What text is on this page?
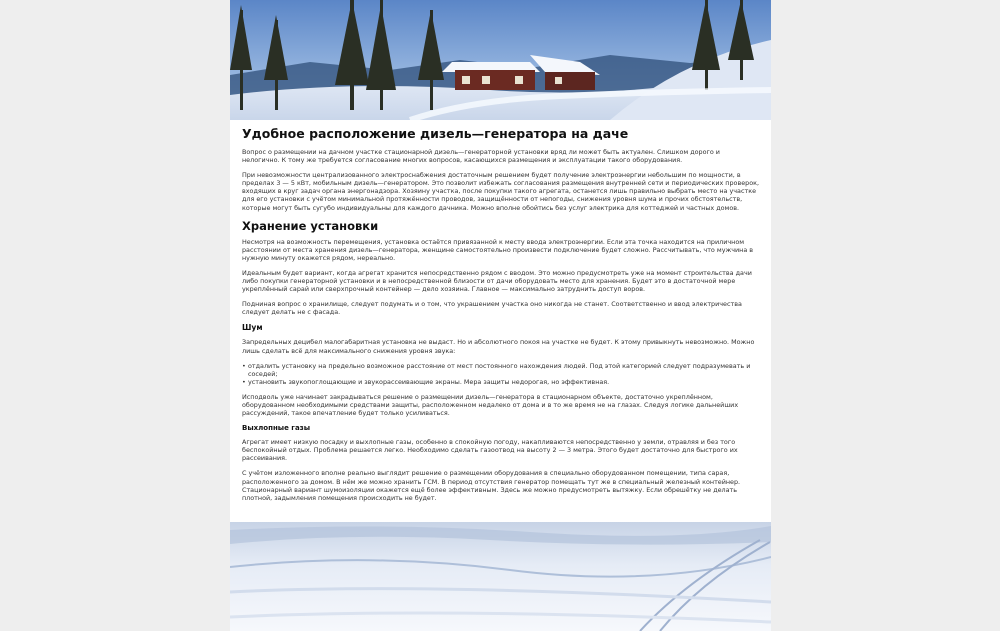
Удобное расположение дизель—генератора на даче

Вопрос о размещении на дачном участке стационарной дизель—генераторной установки вряд ли может быть актуален. Слишком дорого и нелогично. К тому же требуется согласование многих вопросов, касающихся размещения и эксплуатации такого оборудования.

При невозможности централизованного электроснабжения достаточным решением будет получение электроэнергии небольшим по мощности, в пределах 3 — 5 кВт, мобильным дизель—генератором. Это позволит избежать согласования размещения внутренней сети и периодических проверок, входящих в круг задач органа энергонадзора. Хозяину участка, после покупки такого агрегата, останется лишь правильно выбрать место на участке для его установки с учётом минимальной протяжённости проводов, защищённости от непогоды, снижения уровня шума и прочих обстоятельств, которые могут быть сугубо индивидуальны для каждого дачника. Можно вполне обойтись без услуг электрика для коттеджей и частных домов.

Хранение установки

Несмотря на возможность перемещения, установка остаётся привязанной к месту ввода электроэнергии. Если эта точка находится на приличном расстоянии от места хранения дизель—генератора, женщине самостоятельно произвести подключение будет сложно. Рассчитывать, что мужчина в нужную минуту окажется рядом, нереально.

Идеальным будет вариант, когда агрегат хранится непосредственно рядом с вводом. Это можно предусмотреть уже на момент строительства дачи либо покупки генераторной установки и в непосредственной близости от дачи оборудовать место для хранения. Будет это в достаточной мере укреплённый сарай или сверхпрочный контейнер — дело хозяина. Главное — максимально затруднить доступ воров.

Подниная вопрос о хранилище, следует подумать и о том, что украшением участка оно никогда не станет. Соответственно и ввод электричества следует делать не с фасада.

Шум

Запредельных децибел малогабаритная установка не выдаст. Но и абсолютного покоя на участке не будет. К этому привыкнуть невозможно. Можно лишь сделать всё для максимального снижения уровня звука:

• отдалить установку на предельно возможное расстояние от мест постоянного нахождения людей. Под этой категорией следует подразумевать и соседей;
• установить звукопоглощающие и звукорассеивающие экраны. Мера защиты недорогая, но эффективная.

Исподволь уже начинает закрадываться решение о размещении дизель—генератора в стационарном объекте, достаточно укреплённом, оборудованном необходимыми средствами защиты, расположенном недалеко от дома и в то же время не на глазах. Следуя логике дальнейших рассуждений, такое впечатление будет только усиливаться.

Выхлопные газы

Агрегат имеет низкую посадку и выхлопные газы, особенно в спокойную погоду, накапливаются непосредственно у земли, отравляя и без того беспокойный отдых. Проблема решается легко. Необходимо сделать газоотвод на высоту 2 — 3 метра. Этого будет достаточно для быстрого их рассеивания.

С учётом изложенного вполне реально выглядит решение о размещении оборудования в специально оборудованном помещении, типа сарая, расположенного за домом. В нём же можно хранить ГСМ. В период отсутствия генератор помещать тут же в специальный железный контейнер. Стационарный вариант шумоизоляции окажется ещё более эффективным. Здесь же можно предусмотреть вытяжку. Если обрешётку не делать плотной, задымления помещения происходить не будет.
